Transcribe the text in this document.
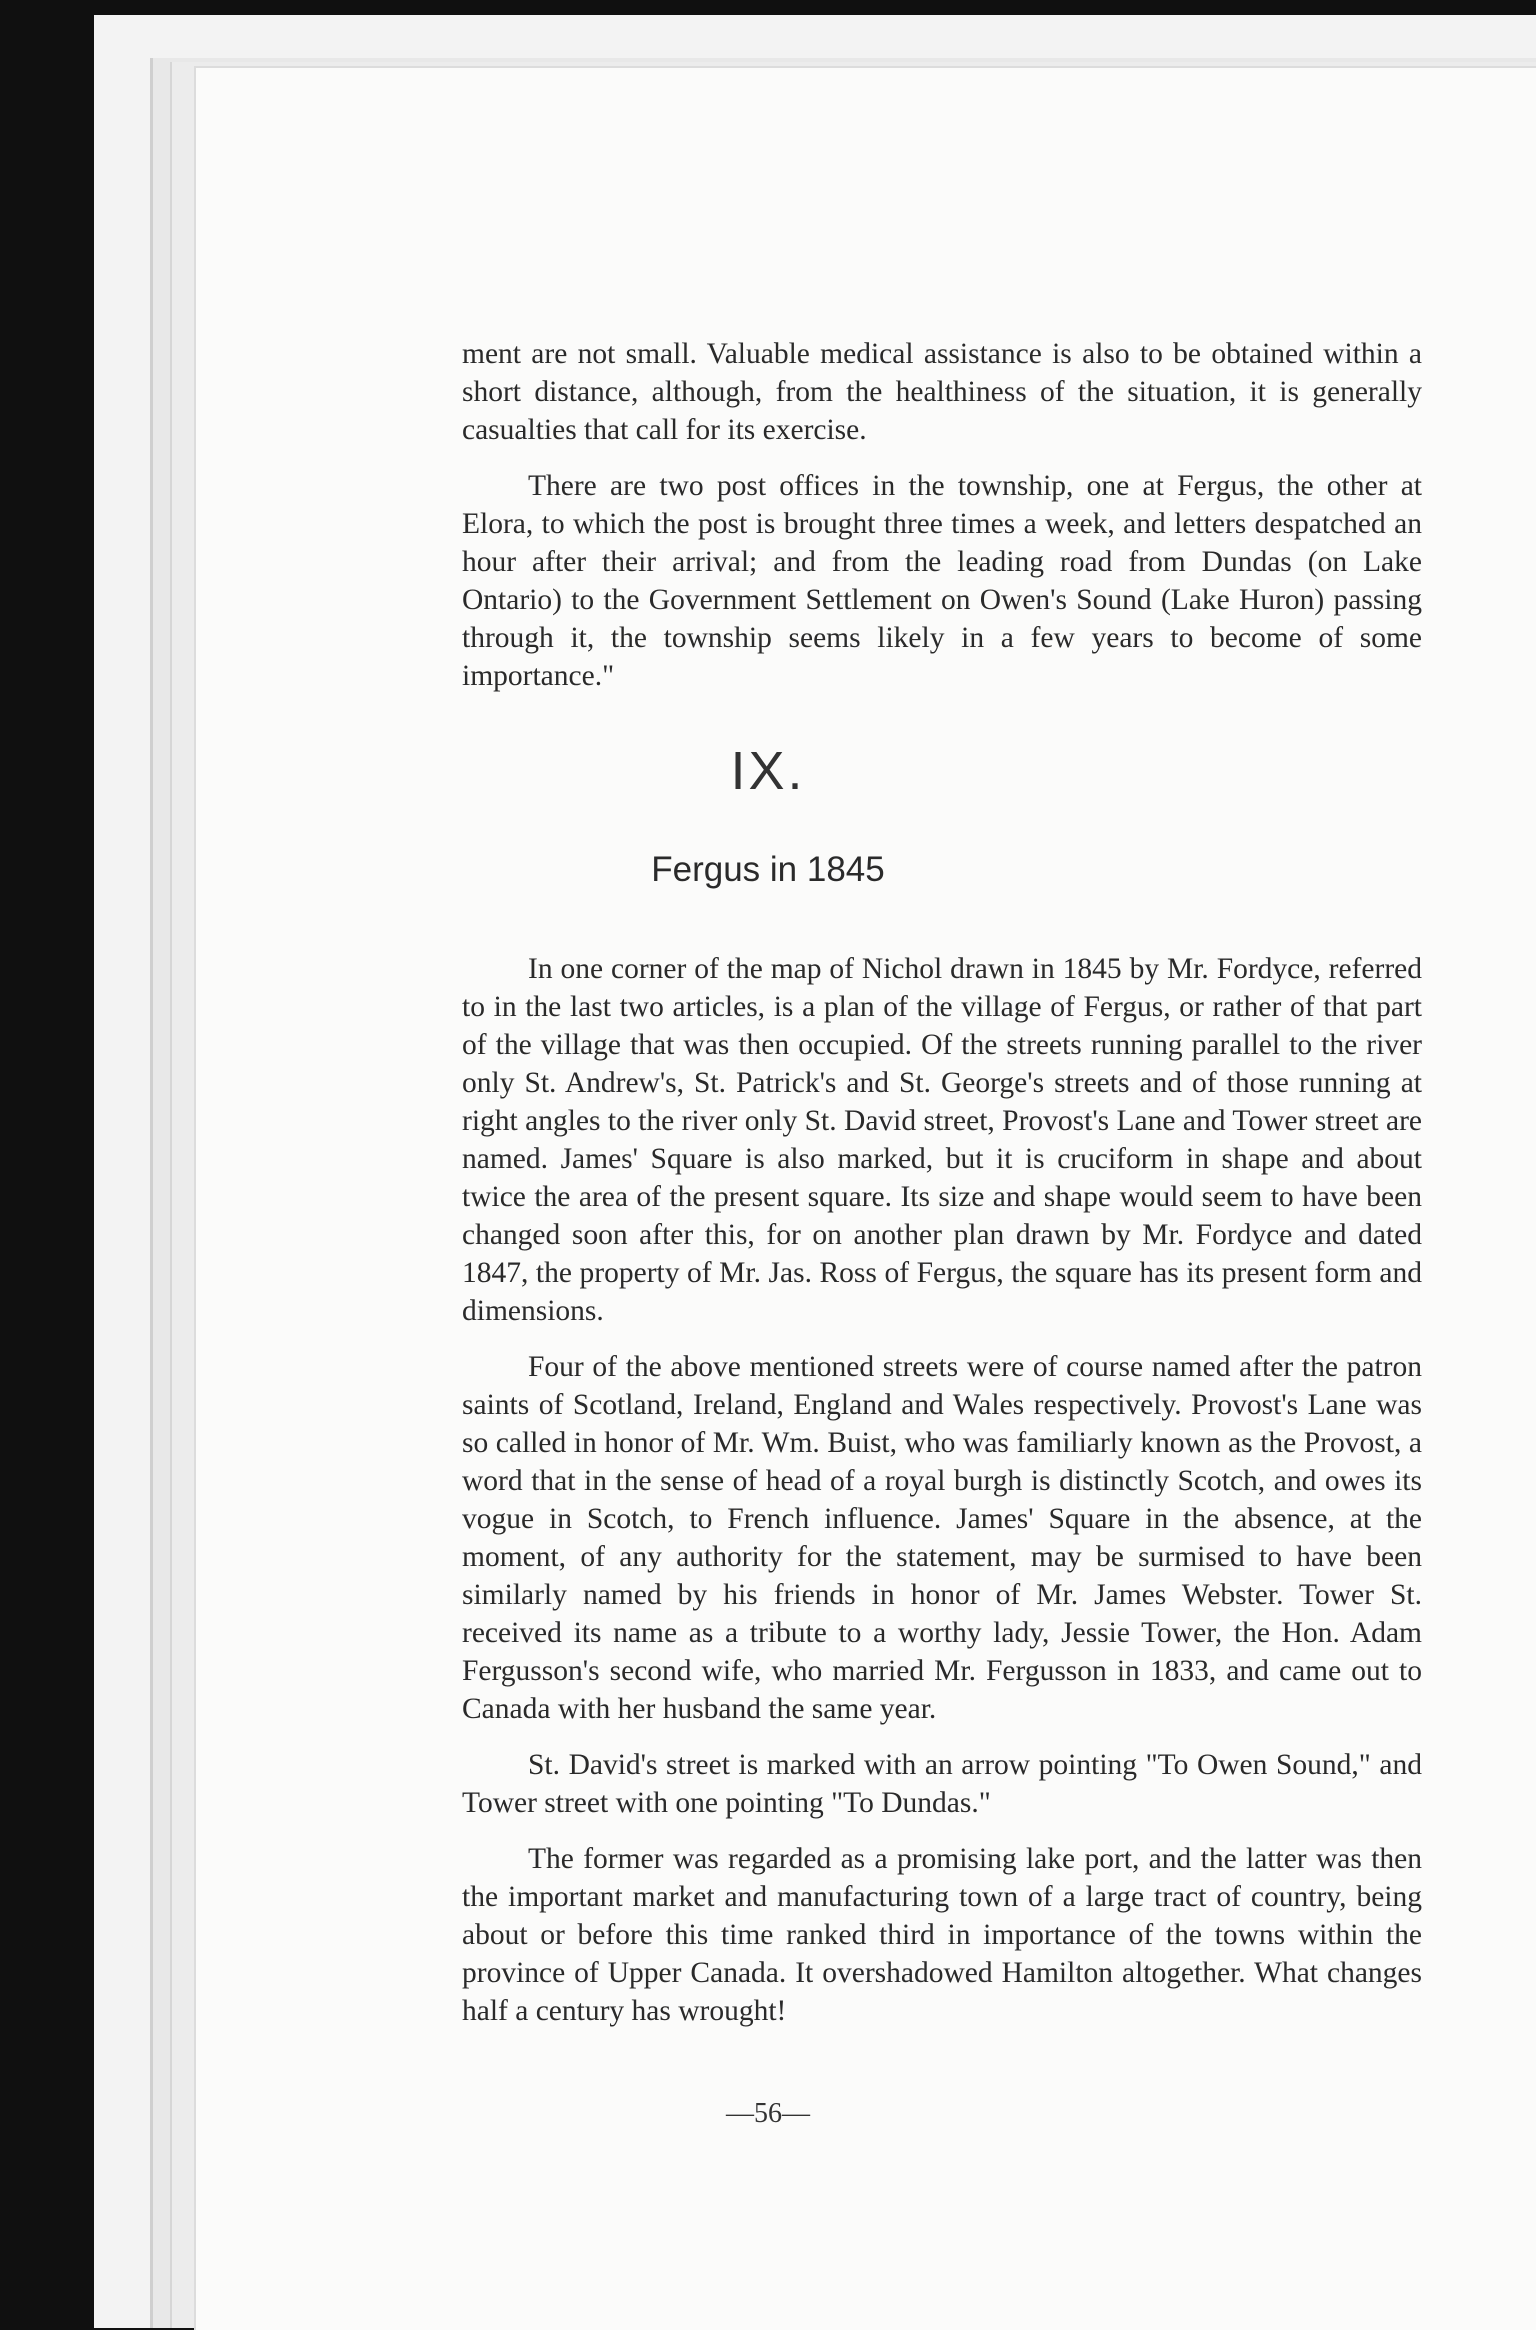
ment are not small. Valuable medical assistance is also to be obtained within a short distance, although, from the healthiness of the situation, it is generally casualties that call for its exercise.

There are two post offices in the township, one at Fergus, the other at Elora, to which the post is brought three times a week, and letters despatched an hour after their arrival; and from the leading road from Dundas (on Lake Ontario) to the Government Settlement on Owen's Sound (Lake Huron) passing through it, the township seems likely in a few years to become of some importance."

IX.
Fergus in 1845

In one corner of the map of Nichol drawn in 1845 by Mr. Fordyce, referred to in the last two articles, is a plan of the village of Fergus, or rather of that part of the village that was then occupied. Of the streets running parallel to the river only St. Andrew's, St. Patrick's and St. George's streets and of those running at right angles to the river only St. David street, Provost's Lane and Tower street are named. James' Square is also marked, but it is cruciform in shape and about twice the area of the present square. Its size and shape would seem to have been changed soon after this, for on another plan drawn by Mr. Fordyce and dated 1847, the property of Mr. Jas. Ross of Fergus, the square has its present form and dimensions.

Four of the above mentioned streets were of course named after the patron saints of Scotland, Ireland, England and Wales respectively. Provost's Lane was so called in honor of Mr. Wm. Buist, who was familiarly known as the Provost, a word that in the sense of head of a royal burgh is distinctly Scotch, and owes its vogue in Scotch, to French influence. James' Square in the absence, at the moment, of any authority for the statement, may be surmised to have been similarly named by his friends in honor of Mr. James Webster. Tower St. received its name as a tribute to a worthy lady, Jessie Tower, the Hon. Adam Fergusson's second wife, who married Mr. Fergusson in 1833, and came out to Canada with her husband the same year.

St. David's street is marked with an arrow pointing "To Owen Sound," and Tower street with one pointing "To Dundas."

The former was regarded as a promising lake port, and the latter was then the important market and manufacturing town of a large tract of country, being about or before this time ranked third in importance of the towns within the province of Upper Canada. It overshadowed Hamilton altogether. What changes half a century has wrought!

—56—
